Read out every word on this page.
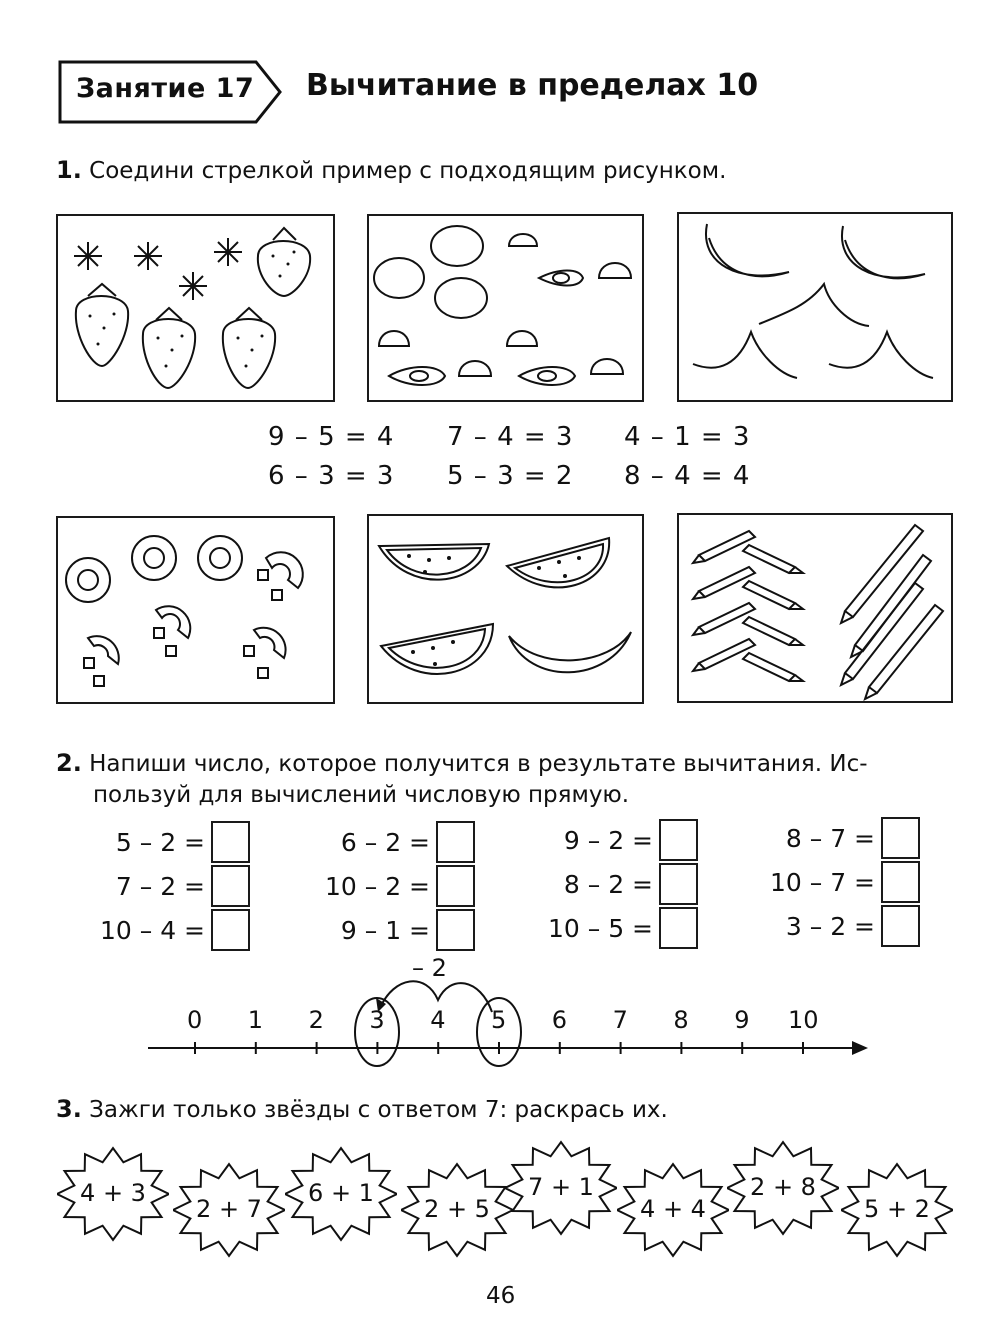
Занятие 17 Вычитание в пределах 10
1. Соедини стрелкой пример с подходящим рисунком.
9 – 5 = 4 7 – 4 = 3 4 – 1 = 3
6 – 3 = 3 5 – 3 = 2 8 – 4 = 4
2. Напиши число, которое получится в результате вычитания. Ис-
пользуй для вычислений числовую прямую.
5 – 2 =
7 – 2 =
10 – 4 =
6 – 2 =
10 – 2 =
9 – 1 =
9 – 2 =
8 – 2 =
10 – 5 =
8 – 7 =
10 – 7 =
3 – 2 =
– 2
0 1 2 3 4 5 6 7 8 9 10
3. Зажги только звёзды с ответом 7: раскрась их.
4 + 3
2 + 7
6 + 1
2 + 5
7 + 1
4 + 4
2 + 8
5 + 2
46
